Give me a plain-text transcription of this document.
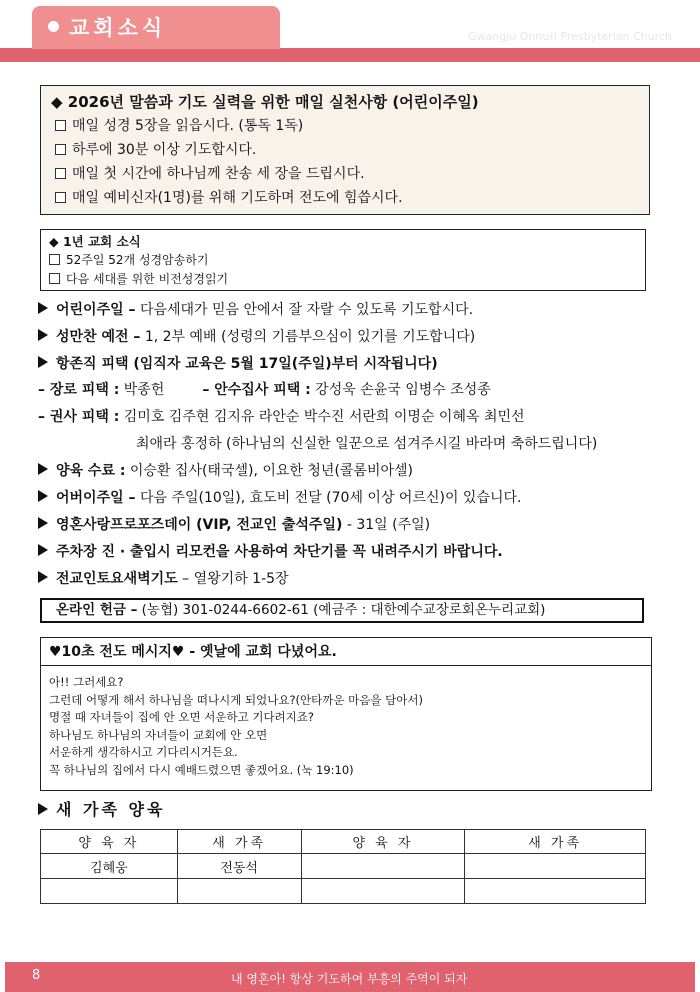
교회소식	Gwangju Onnuri Presbyterian Church
◆ 2026년 말씀과 기도 실력을 위한 매일 실천사항 (어린이주일)
매일 성경 5장을 읽읍시다. (통독 1독)
하루에 30분 이상 기도합시다.
매일 첫 시간에 하나님께 찬송 세 장을 드립시다.
매일 예비신자(1명)를 위해 기도하며 전도에 힘씁시다.
◆ 1년 교회 소식
52주일 52개 성경암송하기
다음 세대를 위한 비전성경읽기
어린이주일 – 다음세대가 믿음 안에서 잘 자랄 수 있도록 기도합시다.
성만찬 예전 – 1, 2부 예배 (성령의 기름부으심이 있기를 기도합니다)
항존직 피택 (임직자 교육은 5월 17일(주일)부터 시작됩니다)
– 장로 피택 : 박종헌	– 안수집사 피택 : 강성욱 손윤국 임병수 조성종
– 권사 피택 : 김미호 김주현 김지유 라안순 박수진 서란희 이명순 이혜옥 최민선
최애라 홍정하 (하나님의 신실한 일꾼으로 섬겨주시길 바라며 축하드립니다)
양육 수료 : 이승환 집사(태국셀), 이요한 청년(콜롬비아셀)
어버이주일 – 다음 주일(10일), 효도비 전달 (70세 이상 어르신)이 있습니다.
영혼사랑프로포즈데이 (VIP, 전교인 출석주일) - 31일 (주일)
주차장 진 · 출입시 리모컨을 사용하여 차단기를 꼭 내려주시기 바랍니다.
전교인토요새벽기도 – 열왕기하 1-5장
온라인 헌금 – (농협) 301-0244-6602-61 (예금주 : 대한예수교장로회온누리교회)
♥10초 전도 메시지♥ - 옛날에 교회 다녔어요.
아!! 그러세요?
그런데 어떻게 해서 하나님을 떠나시게 되었나요?(안타까운 마음을 담아서)
명절 때 자녀들이 집에 안 오면 서운하고 기다려지죠?
하나님도 하나님의 자녀들이 교회에 안 오면
서운하게 생각하시고 기다리시거든요.
꼭 하나님의 집에서 다시 예배드렸으면 좋겠어요. (눅 19:10)
새 가족 양육
양 육 자	새 가족	양 육 자	새 가족
김혜웅	전동석		

8	내 영혼아! 항상 기도하여 부흥의 주역이 되자
